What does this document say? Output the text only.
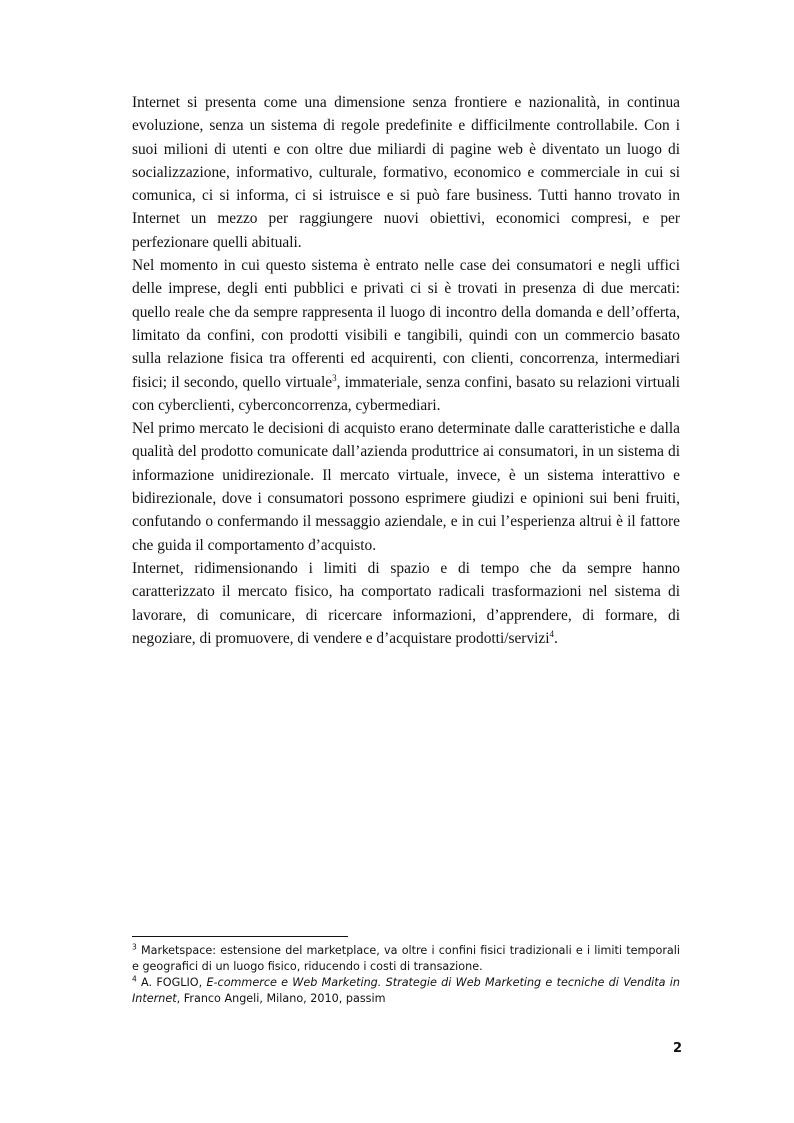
Internet si presenta come una dimensione senza frontiere e nazionalità, in continua evoluzione, senza un sistema di regole predefinite e difficilmente controllabile. Con i suoi milioni di utenti e con oltre due miliardi di pagine web è diventato un luogo di socializzazione, informativo, culturale, formativo, economico e commerciale in cui si comunica, ci si informa, ci si istruisce e si può fare business. Tutti hanno trovato in Internet un mezzo per raggiungere nuovi obiettivi, economici compresi, e per perfezionare quelli abituali.

Nel momento in cui questo sistema è entrato nelle case dei consumatori e negli uffici delle imprese, degli enti pubblici e privati ci si è trovati in presenza di due mercati: quello reale che da sempre rappresenta il luogo di incontro della domanda e dell’offerta, limitato da confini, con prodotti visibili e tangibili, quindi con un commercio basato sulla relazione fisica tra offerenti ed acquirenti, con clienti, concorrenza, intermediari fisici; il secondo, quello virtuale$^3$, immateriale, senza confini, basato su relazioni virtuali con cyberclienti, cyberconcorrenza, cybermediari.

Nel primo mercato le decisioni di acquisto erano determinate dalle caratteristiche e dalla qualità del prodotto comunicate dall’azienda produttrice ai consumatori, in un sistema di informazione unidirezionale. Il mercato virtuale, invece, è un sistema interattivo e bidirezionale, dove i consumatori possono esprimere giudizi e opinioni sui beni fruiti, confutando o confermando il messaggio aziendale, e in cui l’esperienza altrui è il fattore che guida il comportamento d’acquisto.

Internet, ridimensionando i limiti di spazio e di tempo che da sempre hanno caratterizzato il mercato fisico, ha comportato radicali trasformazioni nel sistema di lavorare, di comunicare, di ricercare informazioni, d’apprendere, di formare, di negoziare, di promuovere, di vendere e d’acquistare prodotti/servizi$^4$.

$^3$ Marketspace: estensione del marketplace, va oltre i confini fisici tradizionali e i limiti temporali e geografici di un luogo fisico, riducendo i costi di transazione.

$^4$ A. FOGLIO, E-commerce e Web Marketing. Strategie di Web Marketing e tecniche di Vendita in Internet, Franco Angeli, Milano, 2010, passim

2
